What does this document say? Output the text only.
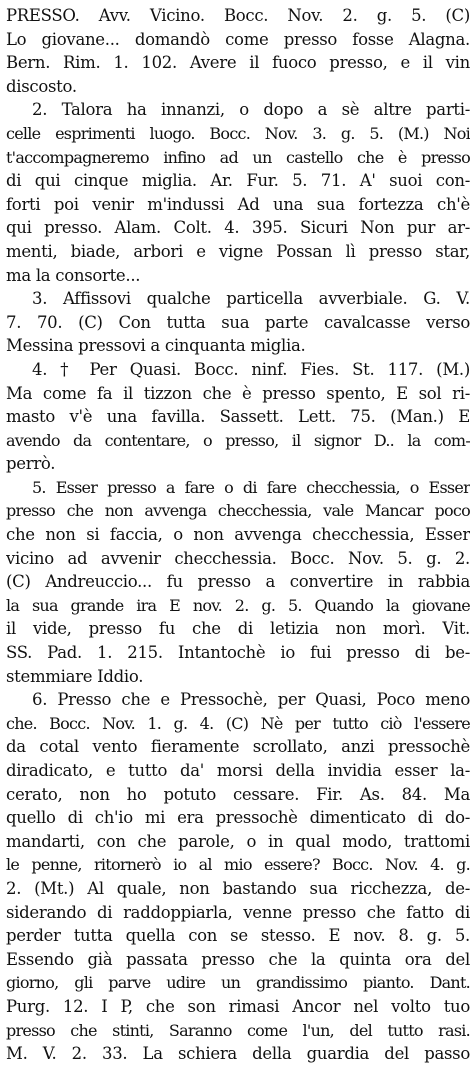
PRESSO. Avv. Vicino. Bocc. Nov. 2. g. 5. (C)
Lo giovane... domandò come presso fosse Alagna.
Bern. Rim. 1. 102. Avere il fuoco presso, e il vin
discosto.
2. Talora ha innanzi, o dopo a sè altre parti-
celle esprimenti luogo. Bocc. Nov. 3. g. 5. (M.) Noi
t'accompagneremo infino ad un castello che è presso
di qui cinque miglia. Ar. Fur. 5. 71. A' suoi con-
forti poi venir m'indussi Ad una sua fortezza ch'è
qui presso. Alam. Colt. 4. 395. Sicuri Non pur ar-
menti, biade, arbori e vigne Possan lì presso star,
ma la consorte...
3. Affissovi qualche particella avverbiale. G. V.
7. 70. (C) Con tutta sua parte cavalcasse verso
Messina pressovi a cinquanta miglia.
4. † Per Quasi. Bocc. ninf. Fies. St. 117. (M.)
Ma come fa il tizzon che è presso spento, E sol ri-
masto v'è una favilla. Sassett. Lett. 75. (Man.) E
avendo da contentare, o presso, il signor D.. la com-
perrò.
5. Esser presso a fare o di fare checchessia, o Esser
presso che non avvenga checchessia, vale Mancar poco
che non si faccia, o non avvenga checchessia, Esser
vicino ad avvenir checchessia. Bocc. Nov. 5. g. 2.
(C) Andreuccio... fu presso a convertire in rabbia
la sua grande ira E nov. 2. g. 5. Quando la giovane
il vide, presso fu che di letizia non morì. Vit.
SS. Pad. 1. 215. Intantochè io fui presso di be-
stemmiare Iddio.
6. Presso che e Pressochè, per Quasi, Poco meno
che. Bocc. Nov. 1. g. 4. (C) Nè per tutto ciò l'essere
da cotal vento fieramente scrollato, anzi pressochè
diradicato, e tutto da' morsi della invidia esser la-
cerato, non ho potuto cessare. Fir. As. 84. Ma
quello di ch'io mi era pressochè dimenticato di do-
mandarti, con che parole, o in qual modo, trattomi
le penne, ritornerò io al mio essere? Bocc. Nov. 4. g.
2. (Mt.) Al quale, non bastando sua ricchezza, de-
siderando di raddoppiarla, venne presso che fatto di
perder tutta quella con se stesso. E nov. 8. g. 5.
Essendo già passata presso che la quinta ora del
giorno, gli parve udire un grandissimo pianto. Dant.
Purg. 12. I P, che son rimasi Ancor nel volto tuo
presso che stinti, Saranno come l'un, del tutto rasi.
M. V. 2. 33. La schiera della guardia del passo
